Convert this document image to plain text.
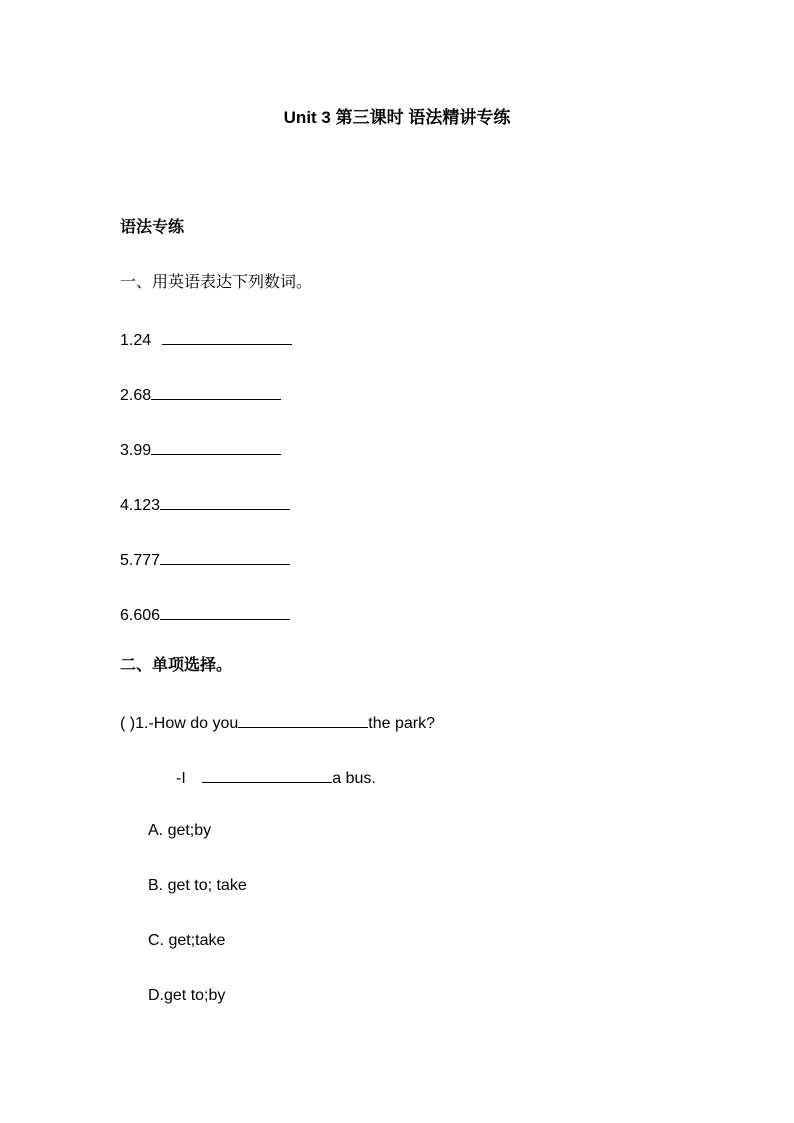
Unit 3 第三课时 语法精讲专练
语法专练
一、用英语表达下列数词。
1.24
2.68
3.99
4.123
5.777
6.606
二、单项选择。
( )1.-How do you	the park?
-I	a bus.
A. get;by
B. get to; take
C. get;take
D.get to;by
